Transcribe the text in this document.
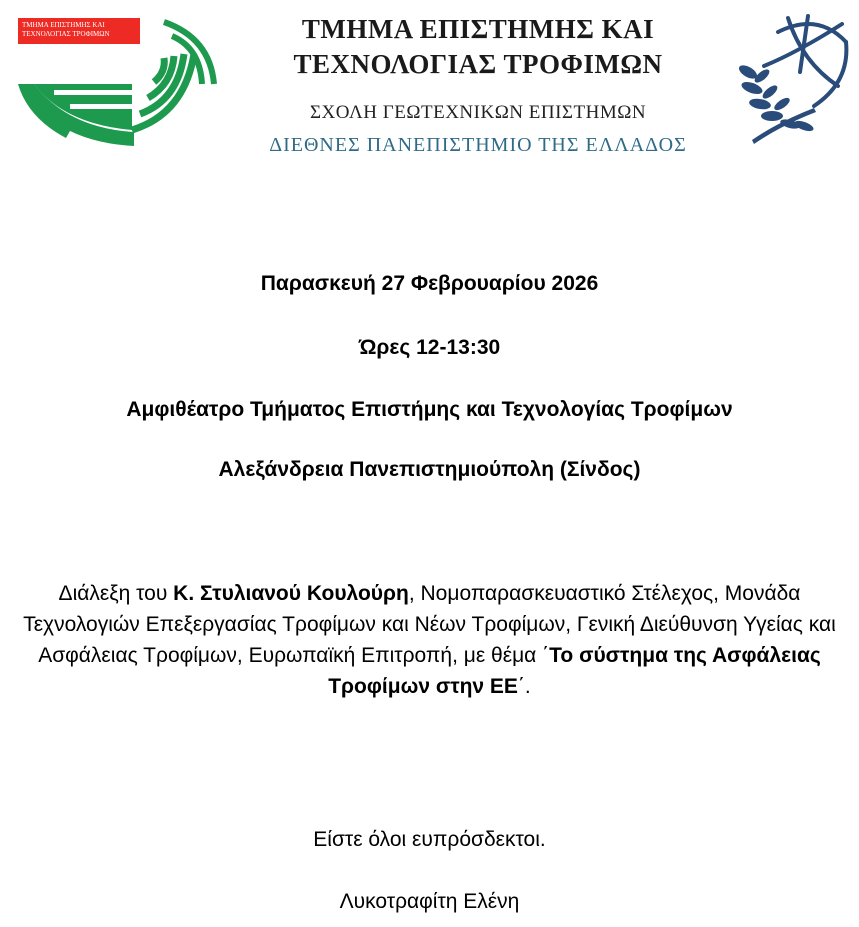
ΤΜΗΜΑ ΕΠΙΣΤΗΜΗΣ ΚΑΙ
ΤΕΧΝΟΛΟΓΙΑΣ ΤΡΟΦΙΜΩΝ	ΤΜΗΜΑ ΕΠΙΣΤΗΜΗΣ ΚΑΙ
ΤΕΧΝΟΛΟΓΙΑΣ ΤΡΟΦΙΜΩΝ
ΣΧΟΛΗ ΓΕΩΤΕΧΝΙΚΩΝ ΕΠΙΣΤΗΜΩΝ
ΔΙΕΘΝΕΣ ΠΑΝΕΠΙΣΤΗΜΙΟ ΤΗΣ ΕΛΛΑΔΟΣ
Παρασκευή 27 Φεβρουαρίου 2026
Ώρες 12-13:30
Αμφιθέατρο Τμήματος Επιστήμης και Τεχνολογίας Τροφίμων
Αλεξάνδρεια Πανεπιστημιούπολη (Σίνδος)
Διάλεξη του Κ. Στυλιανού Κουλούρη, Νομοπαρασκευαστικό Στέλεχος, Μονάδα Τεχνολογιών Επεξεργασίας Τροφίμων και Νέων Τροφίμων, Γενική Διεύθυνση Υγείας και Ασφάλειας Τροφίμων, Ευρωπαϊκή Επιτροπή, με θέμα ΄Το σύστημα της Ασφάλειας Τροφίμων στην ΕΕ΄.
Είστε όλοι ευπρόσδεκτοι.
Λυκοτραφίτη Ελένη
